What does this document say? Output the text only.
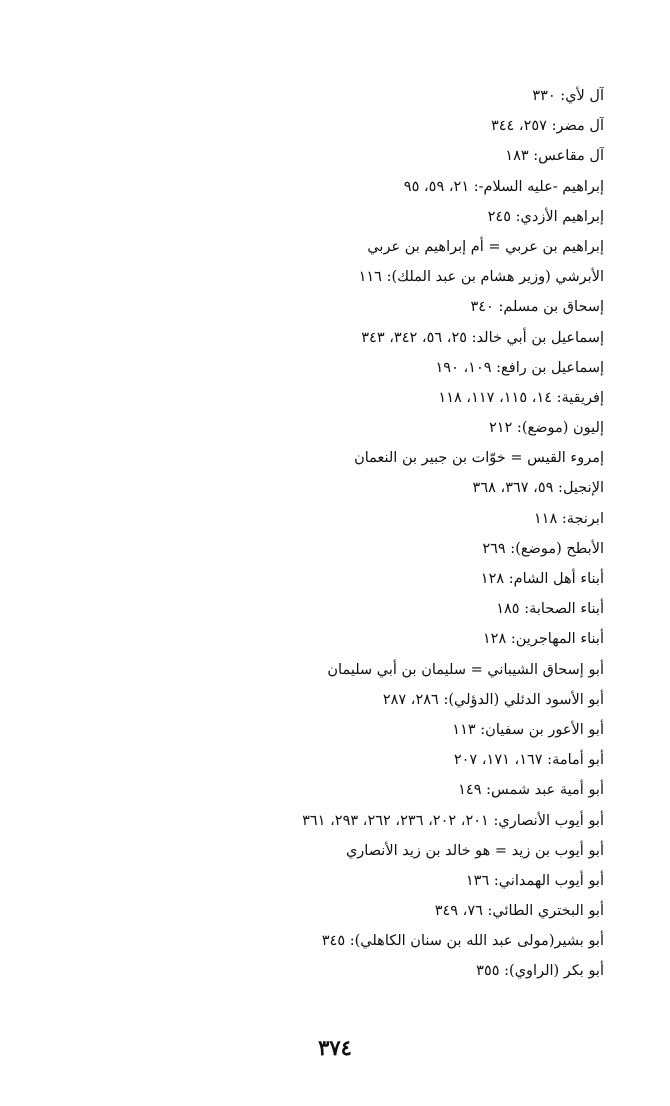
آل لأي: ٣٣٠
آل مضر: ٢٥٧، ٣٤٤
آل مقاعس: ١٨٣
إبراهيم -عليه السلام-: ٢١، ٥٩، ٩٥
إبراهيم الأزدي: ٢٤٥
إبراهيم بن عربي = أم إبراهيم بن عربي
الأبرشي (وزير هشام بن عبد الملك): ١١٦
إسحاق بن مسلم: ٣٤٠
إسماعيل بن أبي خالد: ٢٥، ٥٦، ٣٤٢، ٣٤٣
إسماعيل بن رافع: ١٠٩، ١٩٠
إفريقية: ١٤، ١١٥، ١١٧، ١١٨
إليون (موضع): ٢١٢
إمروء القيس = خوّات بن جبير بن النعمان
الإنجيل: ٥٩، ٣٦٧، ٣٦٨
ابرنجة: ١١٨
الأبطح (موضع): ٢٦٩
أبناء أهل الشام: ١٢٨
أبناء الصحابة: ١٨٥
أبناء المهاجرين: ١٢٨
أبو إسحاق الشيباني = سليمان بن أبي سليمان
أبو الأسود الدئلي (الدؤلي): ٢٨٦، ٢٨٧
أبو الأعور بن سفيان: ١١٣
أبو أمامة: ١٦٧، ١٧١، ٢٠٧
أبو أمية عبد شمس: ١٤٩
أبو أيوب الأنصاري: ٢٠١، ٢٠٢، ٢٣٦، ٢٦٢، ٢٩٣، ٣٦١
أبو أيوب بن زيد = هو خالد بن زيد الأنصاري
أبو أيوب الهمداني: ١٣٦
أبو البختري الطائي: ٧٦، ٣٤٩
أبو بشير(مولى عبد الله بن سنان الكاهلي): ٣٤٥
أبو بكر (الراوي): ٣٥٥
٣٧٤
